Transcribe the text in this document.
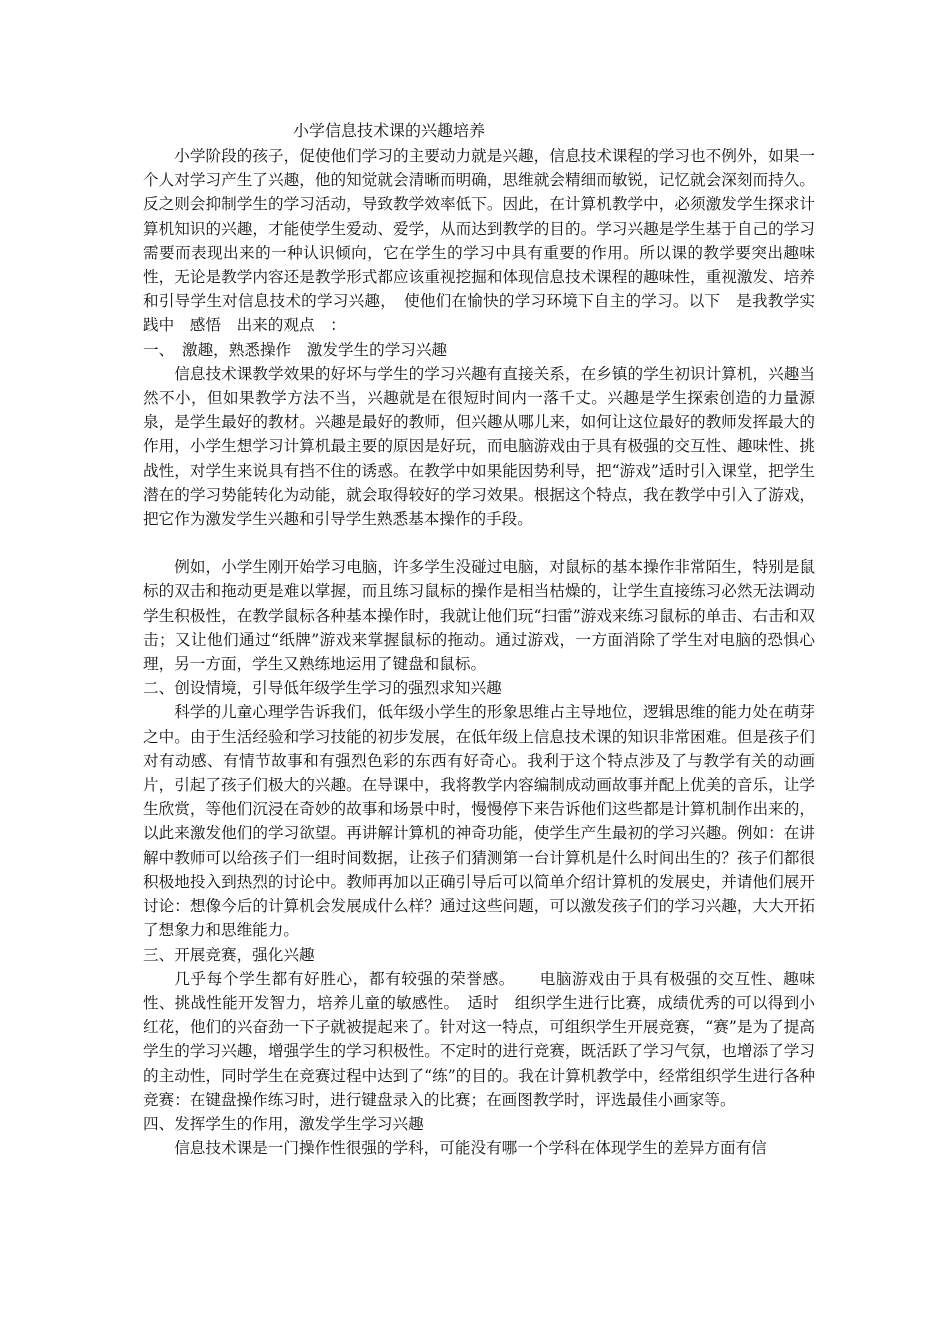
小学信息技术课的兴趣培养

小学阶段的孩子，促使他们学习的主要动力就是兴趣，信息技术课程的学习也不例外，如果一个人对学习产生了兴趣，他的知觉就会清晰而明确，思维就会精细而敏锐，记忆就会深刻而持久。反之则会抑制学生的学习活动，导致教学效率低下。因此，在计算机教学中，必须激发学生探求计算机知识的兴趣，才能使学生爱动、爱学，从而达到教学的目的。学习兴趣是学生基于自己的学习需要而表现出来的一种认识倾向，它在学生的学习中具有重要的作用。所以课的教学要突出趣味性，无论是教学内容还是教学形式都应该重视挖掘和体现信息技术课程的趣味性，重视激发、培养和引导学生对信息技术的学习兴趣，　使他们在愉快的学习环境下自主的学习。以下　是我教学实践中　感悟　出来的观点　：

一、　激趣，熟悉操作　激发学生的学习兴趣

信息技术课教学效果的好坏与学生的学习兴趣有直接关系，在乡镇的学生初识计算机，兴趣当然不小，但如果教学方法不当，兴趣就是在很短时间内一落千丈。兴趣是学生探索创造的力量源泉，是学生最好的教材。兴趣是最好的教师，但兴趣从哪儿来，如何让这位最好的教师发挥最大的作用，小学生想学习计算机最主要的原因是好玩，而电脑游戏由于具有极强的交互性、趣味性、挑战性，对学生来说具有挡不住的诱惑。在教学中如果能因势利导，把“游戏”适时引入课堂，把学生潜在的学习势能转化为动能，就会取得较好的学习效果。根据这个特点，我在教学中引入了游戏，把它作为激发学生兴趣和引导学生熟悉基本操作的手段。

例如，小学生刚开始学习电脑，许多学生没碰过电脑，对鼠标的基本操作非常陌生，特别是鼠标的双击和拖动更是难以掌握，而且练习鼠标的操作是相当枯燥的，让学生直接练习必然无法调动学生积极性，在教学鼠标各种基本操作时，我就让他们玩“扫雷”游戏来练习鼠标的单击、右击和双击；又让他们通过“纸牌”游戏来掌握鼠标的拖动。通过游戏，一方面消除了学生对电脑的恐惧心理，另一方面，学生又熟练地运用了键盘和鼠标。

二、创设情境，引导低年级学生学习的强烈求知兴趣

科学的儿童心理学告诉我们，低年级小学生的形象思维占主导地位，逻辑思维的能力处在萌芽之中。由于生活经验和学习技能的初步发展，在低年级上信息技术课的知识非常困难。但是孩子们对有动感、有情节故事和有强烈色彩的东西有好奇心。我利于这个特点涉及了与教学有关的动画片，引起了孩子们极大的兴趣。在导课中，我将教学内容编制成动画故事并配上优美的音乐，让学生欣赏，等他们沉浸在奇妙的故事和场景中时，慢慢停下来告诉他们这些都是计算机制作出来的，以此来激发他们的学习欲望。再讲解计算机的神奇功能，使学生产生最初的学习兴趣。例如：在讲解中教师可以给孩子们一组时间数据，让孩子们猜测第一台计算机是什么时间出生的？孩子们都很积极地投入到热烈的讨论中。教师再加以正确引导后可以简单介绍计算机的发展史，并请他们展开讨论：想像今后的计算机会发展成什么样？通过这些问题，可以激发孩子们的学习兴趣，大大开拓了想象力和思维能力。

三、开展竞赛，强化兴趣

几乎每个学生都有好胜心，都有较强的荣誉感。　　电脑游戏由于具有极强的交互性、趣味性、挑战性能开发智力，培养儿童的敏感性。　适时　组织学生进行比赛，成绩优秀的可以得到小红花，他们的兴奋劲一下子就被提起来了。针对这一特点，可组织学生开展竞赛，“赛”是为了提高学生的学习兴趣，增强学生的学习积极性。不定时的进行竞赛，既活跃了学习气氛，也增添了学习的主动性，同时学生在竞赛过程中达到了“练”的目的。我在计算机教学中，经常组织学生进行各种竞赛：在键盘操作练习时，进行键盘录入的比赛；在画图教学时，评选最佳小画家等。

四、发挥学生的作用，激发学生学习兴趣

信息技术课是一门操作性很强的学科，可能没有哪一个学科在体现学生的差异方面有信
